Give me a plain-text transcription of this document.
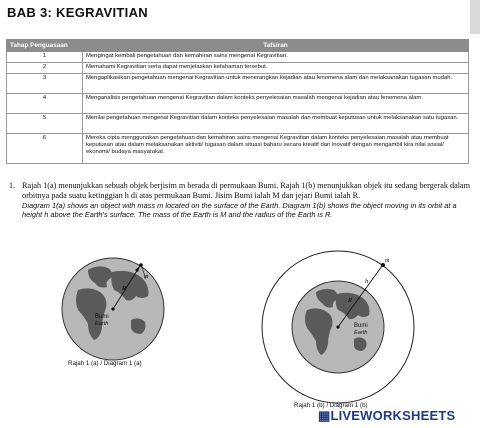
BAB 3: KEGRAVITIAN
Tahap Penguasaan	Tafsiran
1	Mengingat kembali pengetahuan dan kemahiran sains mengenai Kegravitian.
2	Memahami Kegravitian serta dapat menjelaskan kefahaman tersebut.
3	Mengaplikasikan pengetahuan mengenai Kegravitian untuk menerangkan kejadian atau fenomena alam dan melaksanakan tugasan mudah.
4	Menganalisis pengetahuan mengenai Kegravitian dalam konteks penyelesaian masalah mengenai kejadian atau fenomena alam.
5	Menilai pengetahuan mengenai Kegravitian dalam konteks penyelesaian masalah dan membuat keputusan untuk melaksanakan satu tugasan.
6	Mereka cipta menggunakan pengetahuan dan kemahiran sains mengenai Kegravitian dalam konteks penyelesaian masalah atau membuat keputusan atau dalam melaksanakan aktiviti/ tugasan dalam situasi baharu secara kreatif dan inovatif dengan mengambil kira nilai sosial/ ekonomi/ budaya masyarakat.
1. Rajah 1(a) menunjukkan sebuah objek berjisim m berada di permukaan Bumi. Rajah 1(b) menunjukkan objek itu sedang bergerak dalam orbitnya pada suatu ketinggian h di atas permukaan Bumi. Jisim Bumi ialah M dan jejari Bumi ialah R.
Diagram 1(a) shows an object with mass m located on the surface of the Earth. Diagram 1(b) shows the object moving in its orbit at a height h above the Earth's surface. The mass of the Earth is M and the radius of the Earth is R.
m
R
Bumi
Earth
m
h
R
Bumi
Earth
Rajah 1 (a) / Diagram 1 (a)
Rajah 1 (b) / Diagram 1 (b)
▦LIVEWORKSHEETS
